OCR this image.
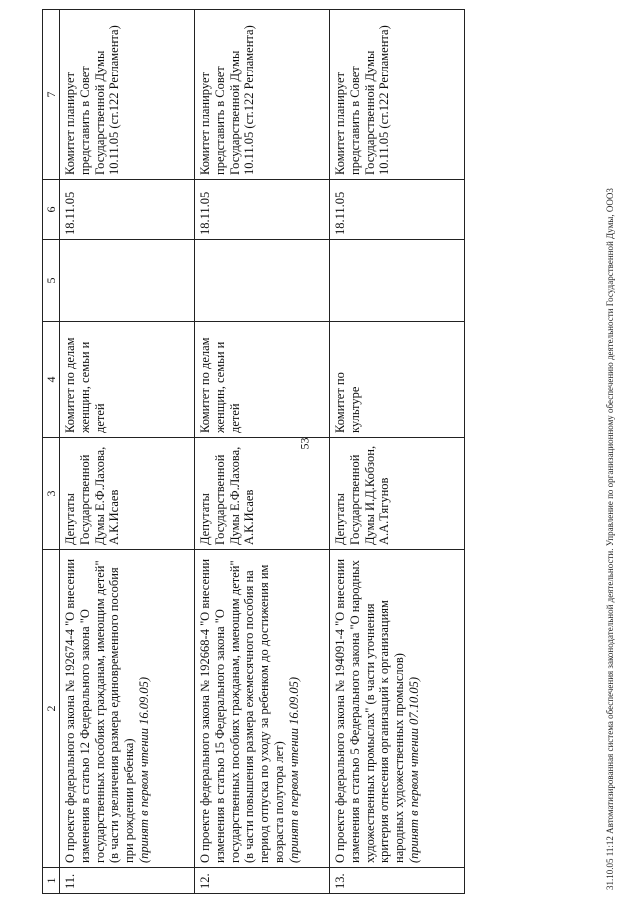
53
1	2	3	4	5	6	7
11.	О проекте федерального закона № 192674-4 "О внесении изменения в статью 12 Федерального закона "О государственных пособиях гражданам, имеющим детей" (в части увеличения размера единовременного пособия при рождении ребенка) (принят в первом чтении 16.09.05)	Депутаты Государственной Думы Е.Ф.Лахова, А.К.Исаев	Комитет по делам женщин, семьи и детей		18.11.05	Комитет планирует представить в Совет Государственной Думы 10.11.05 (ст.122 Регламента)
12.	О проекте федерального закона № 192668-4 "О внесении изменения в статью 15 Федерального закона "О государственных пособиях гражданам, имеющим детей" (в части повышения размера ежемесячного пособия на период отпуска по уходу за ребенком до достижения им возраста полутора лет) (принят в первом чтении 16.09.05)	Депутаты Государственной Думы Е.Ф.Лахова, А.К.Исаев	Комитет по делам женщин, семьи и детей		18.11.05	Комитет планирует представить в Совет Государственной Думы 10.11.05 (ст.122 Регламента)
13.	О проекте федерального закона № 194091-4 "О внесении изменения в статью 5 Федерального закона "О народных художественных промыслах" (в части уточнения критерия отнесения организаций к организациям народных художественных промыслов) (принят в первом чтении 07.10.05)	Депутаты Государственной Думы И.Д.Кобзон, А.А.Тягунов	Комитет по культуре		18.11.05	Комитет планирует представить в Совет Государственной Думы 10.11.05 (ст.122 Регламента)
31.10.05 11:12 Автоматизированная система обеспечения законодательной деятельности. Управление по организационному обеспечению деятельности Государственной Думы, ООО3
